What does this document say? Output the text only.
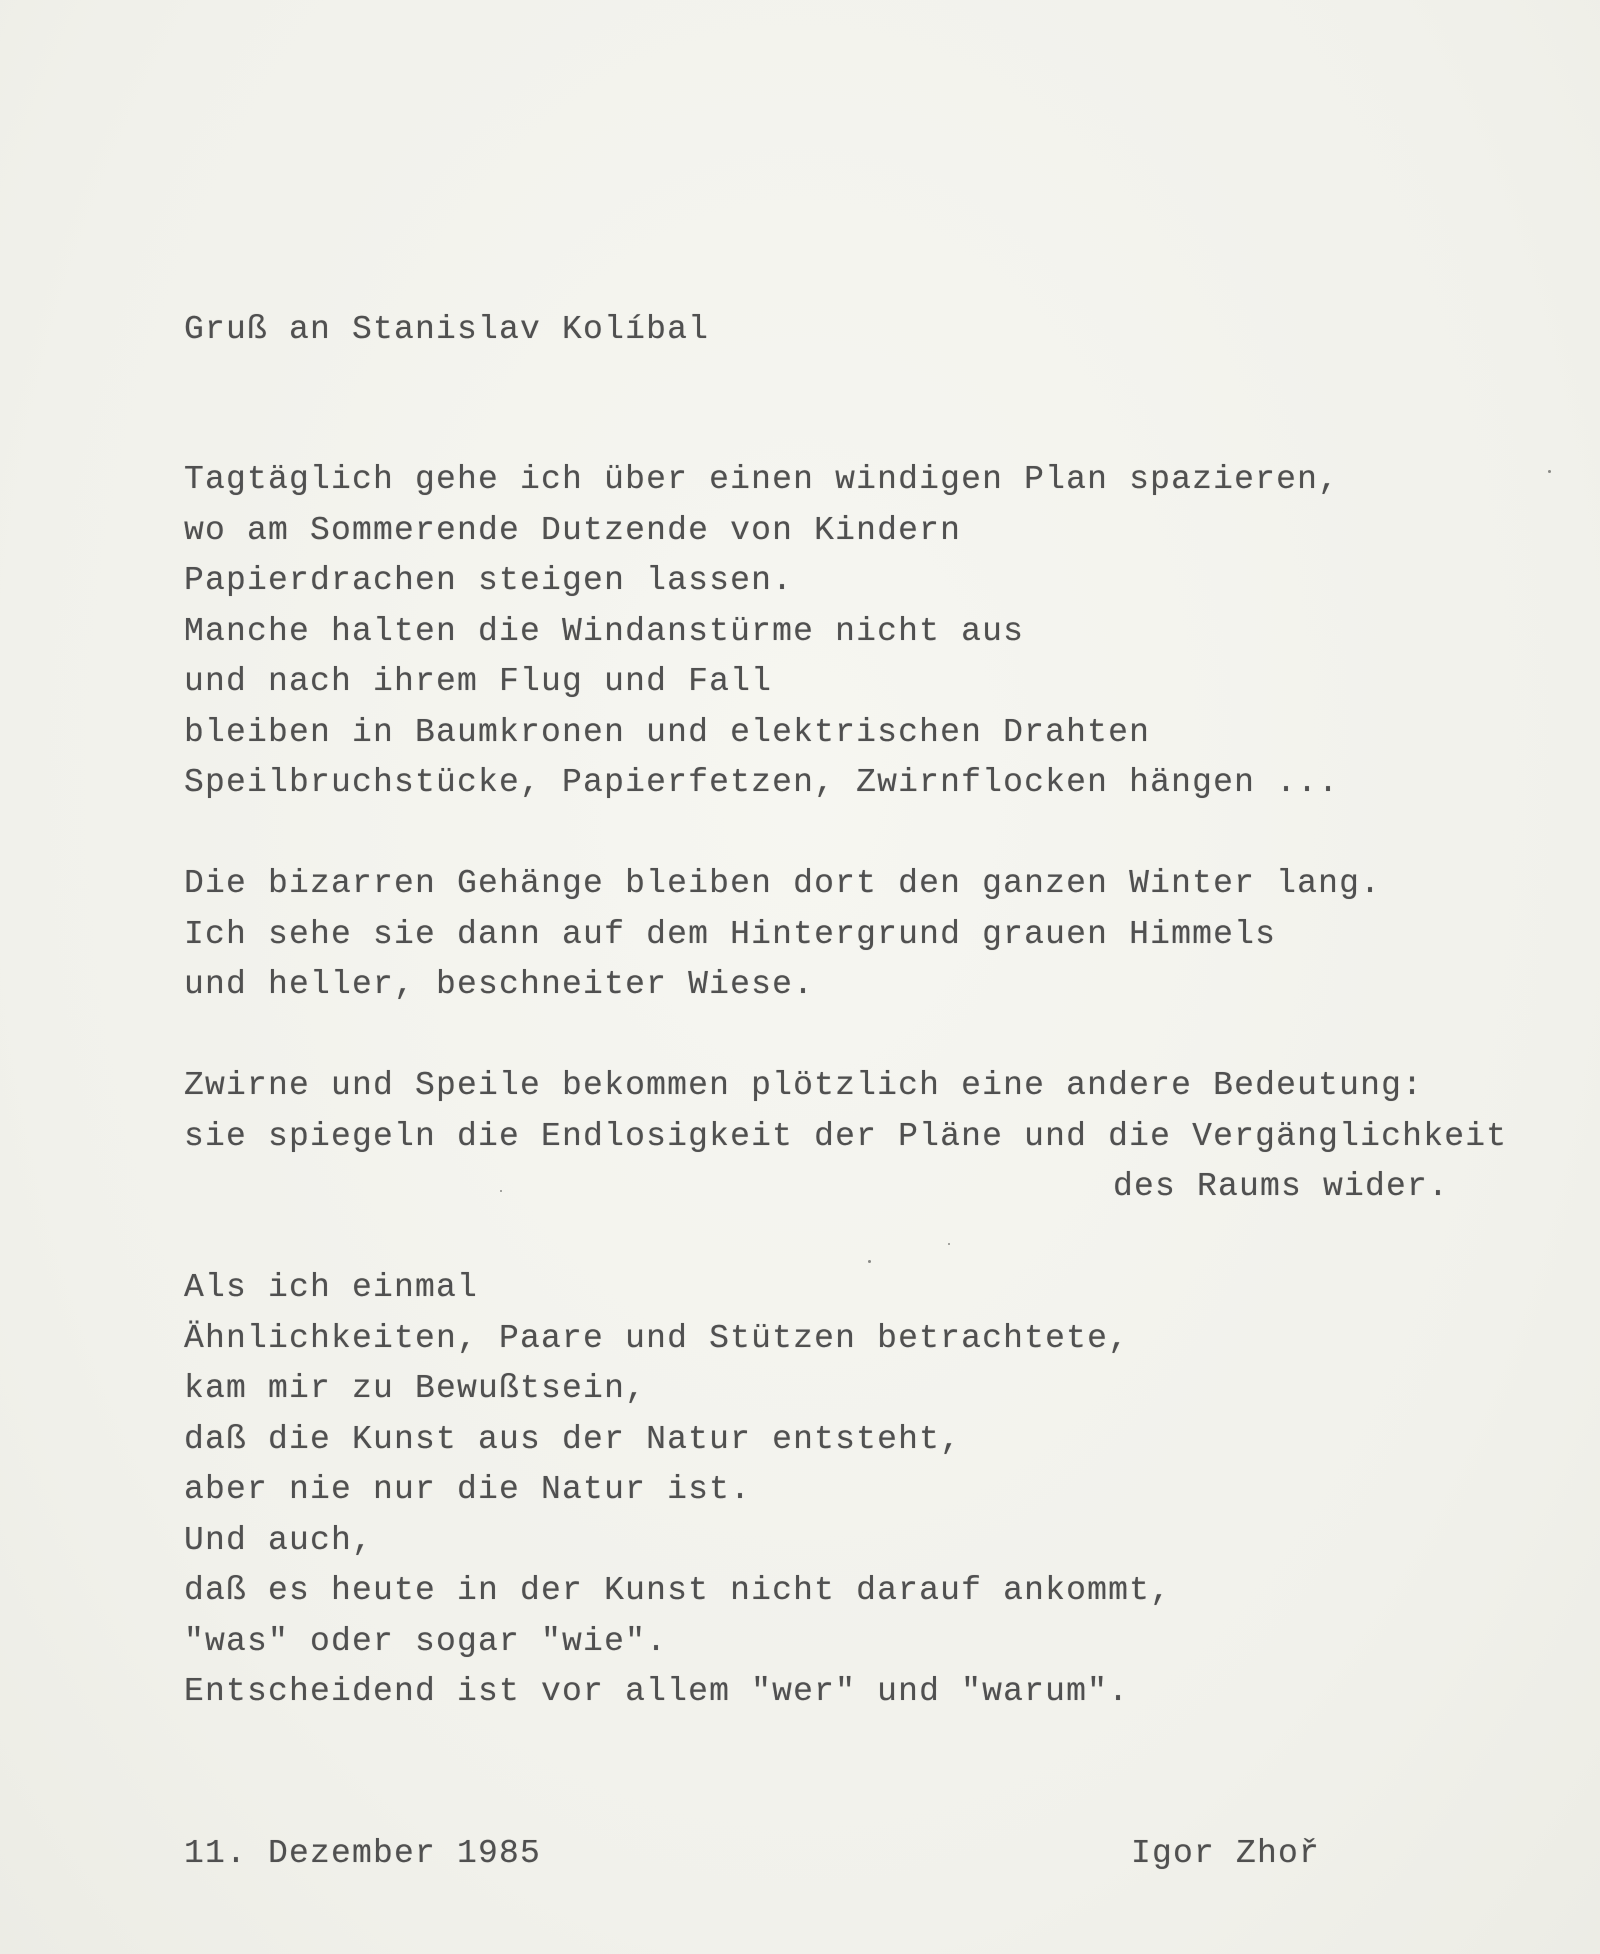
Gruß an Stanislav Kolíbal
Tagtäglich gehe ich über einen windigen Plan spazieren,
wo am Sommerende Dutzende von Kindern
Papierdrachen steigen lassen.
Manche halten die Windanstürme nicht aus
und nach ihrem Flug und Fall
bleiben in Baumkronen und elektrischen Drahten
Speilbruchstücke, Papierfetzen, Zwirnflocken hängen ...
Die bizarren Gehänge bleiben dort den ganzen Winter lang.
Ich sehe sie dann auf dem Hintergrund grauen Himmels
und heller, beschneiter Wiese.
Zwirne und Speile bekommen plötzlich eine andere Bedeutung:
sie spiegeln die Endlosigkeit der Pläne und die Vergänglichkeit
des Raums wider.
Als ich einmal
Ähnlichkeiten, Paare und Stützen betrachtete,
kam mir zu Bewußtsein,
daß die Kunst aus der Natur entsteht,
aber nie nur die Natur ist.
Und auch,
daß es heute in der Kunst nicht darauf ankommt,
"was" oder sogar "wie".
Entscheidend ist vor allem "wer" und "warum".
11. Dezember 1985	Igor Zhoř
